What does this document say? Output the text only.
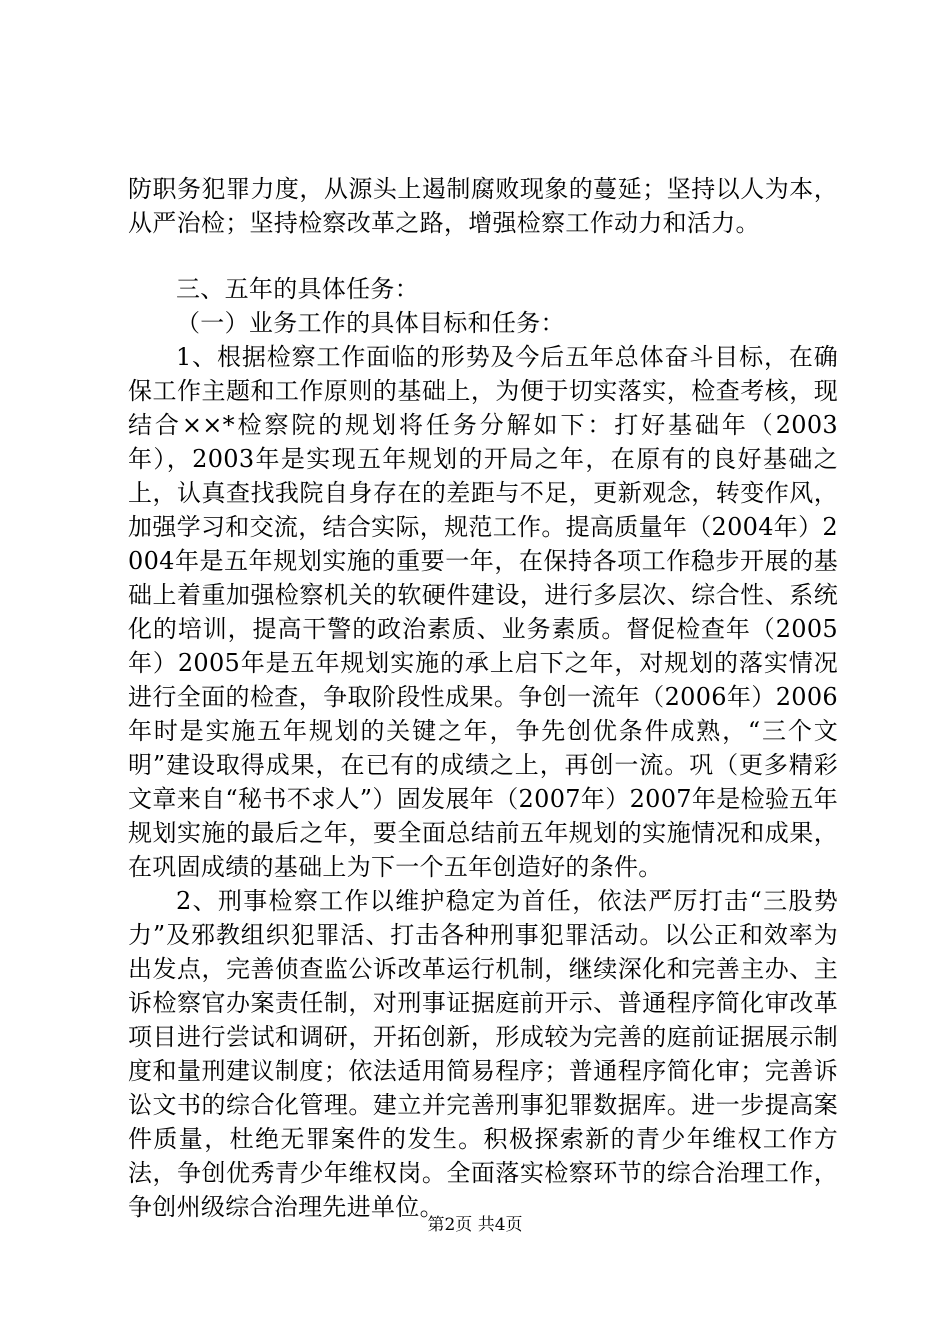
防职务犯罪力度，从源头上遏制腐败现象的蔓延；坚持以人为本，从严治检；坚持检察改革之路，增强检察工作动力和活力。

三、五年的具体任务：

（一）业务工作的具体目标和任务：

1、根据检察工作面临的形势及今后五年总体奋斗目标，在确保工作主题和工作原则的基础上，为便于切实落实，检查考核，现结合××*检察院的规划将任务分解如下：打好基础年（2003年），2003年是实现五年规划的开局之年，在原有的良好基础之上，认真查找我院自身存在的差距与不足，更新观念，转变作风，加强学习和交流，结合实际，规范工作。提高质量年（2004年）2004年是五年规划实施的重要一年，在保持各项工作稳步开展的基础上着重加强检察机关的软硬件建设，进行多层次、综合性、系统化的培训，提高干警的政治素质、业务素质。督促检查年（2005年）2005年是五年规划实施的承上启下之年，对规划的落实情况进行全面的检查，争取阶段性成果。争创一流年（2006年）2006年时是实施五年规划的关键之年，争先创优条件成熟，“三个文明”建设取得成果，在已有的成绩之上，再创一流。巩（更多精彩文章来自“秘书不求人”）固发展年（2007年）2007年是检验五年规划实施的最后之年，要全面总结前五年规划的实施情况和成果，在巩固成绩的基础上为下一个五年创造好的条件。

2、刑事检察工作以维护稳定为首任，依法严厉打击“三股势力”及邪教组织犯罪活、打击各种刑事犯罪活动。以公正和效率为出发点，完善侦查监公诉改革运行机制，继续深化和完善主办、主诉检察官办案责任制，对刑事证据庭前开示、普通程序简化审改革项目进行尝试和调研，开拓创新，形成较为完善的庭前证据展示制度和量刑建议制度；依法适用简易程序；普通程序简化审；完善诉讼文书的综合化管理。建立并完善刑事犯罪数据库。进一步提高案件质量，杜绝无罪案件的发生。积极探索新的青少年维权工作方法，争创优秀青少年维权岗。全面落实检察环节的综合治理工作，争创州级综合治理先进单位。

第2页 共4页
